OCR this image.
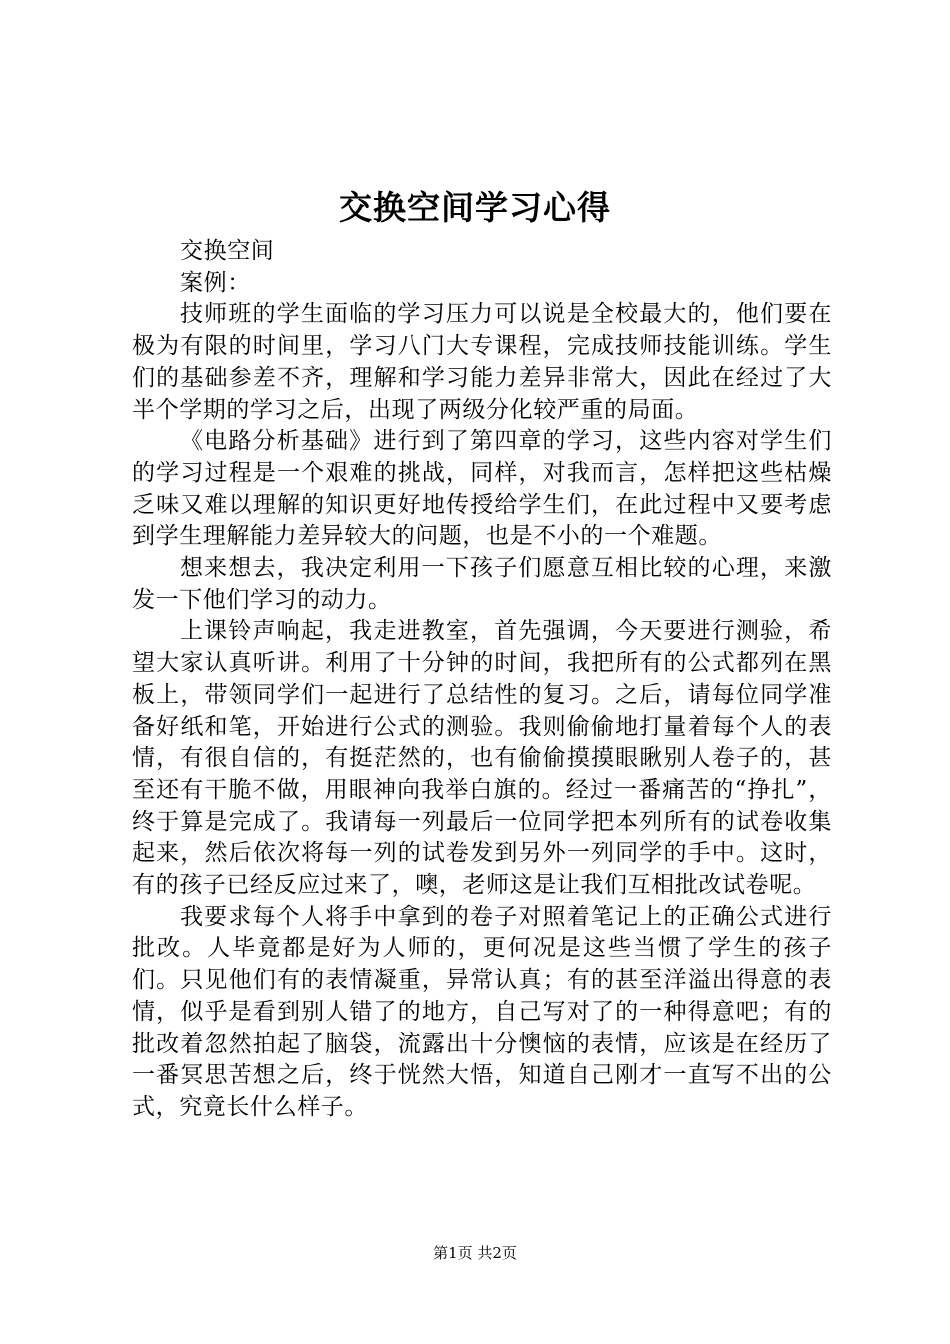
交换空间学习心得

交换空间

案例：

技师班的学生面临的学习压力可以说是全校最大的，他们要在极为有限的时间里，学习八门大专课程，完成技师技能训练。学生们的基础参差不齐，理解和学习能力差异非常大，因此在经过了大半个学期的学习之后，出现了两级分化较严重的局面。

《电路分析基础》进行到了第四章的学习，这些内容对学生们的学习过程是一个艰难的挑战，同样，对我而言，怎样把这些枯燥乏味又难以理解的知识更好地传授给学生们，在此过程中又要考虑到学生理解能力差异较大的问题，也是不小的一个难题。

想来想去，我决定利用一下孩子们愿意互相比较的心理，来激发一下他们学习的动力。

上课铃声响起，我走进教室，首先强调，今天要进行测验，希望大家认真听讲。利用了十分钟的时间，我把所有的公式都列在黑板上，带领同学们一起进行了总结性的复习。之后，请每位同学准备好纸和笔，开始进行公式的测验。我则偷偷地打量着每个人的表情，有很自信的，有挺茫然的，也有偷偷摸摸眼瞅别人卷子的，甚至还有干脆不做，用眼神向我举白旗的。经过一番痛苦的“挣扎”，终于算是完成了。我请每一列最后一位同学把本列所有的试卷收集起来，然后依次将每一列的试卷发到另外一列同学的手中。这时，有的孩子已经反应过来了，噢，老师这是让我们互相批改试卷呢。

我要求每个人将手中拿到的卷子对照着笔记上的正确公式进行批改。人毕竟都是好为人师的，更何况是这些当惯了学生的孩子们。只见他们有的表情凝重，异常认真；有的甚至洋溢出得意的表情，似乎是看到别人错了的地方，自己写对了的一种得意吧；有的批改着忽然拍起了脑袋，流露出十分懊恼的表情，应该是在经历了一番冥思苦想之后，终于恍然大悟，知道自己刚才一直写不出的公式，究竟长什么样子。

第1页 共2页
